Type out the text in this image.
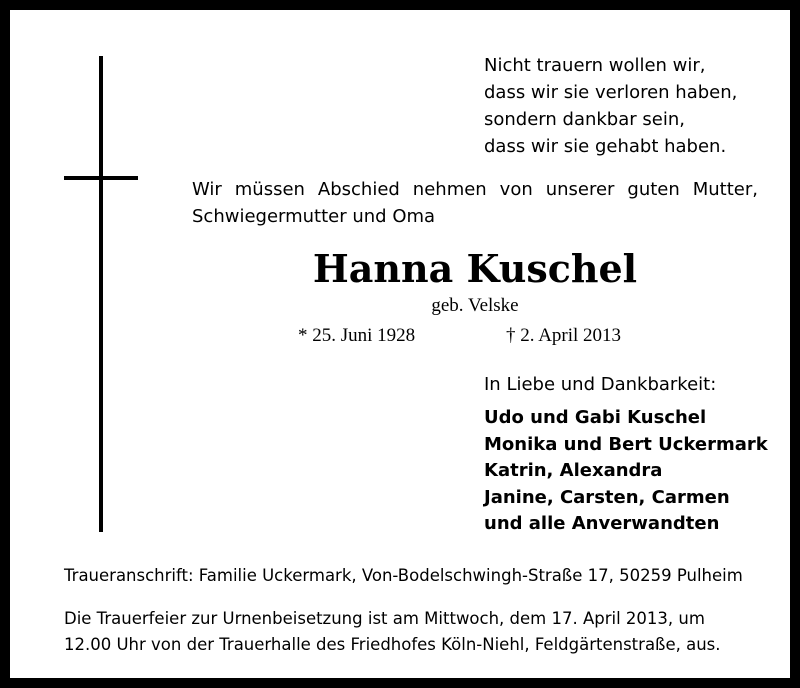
Nicht trauern wollen wir,
dass wir sie verloren haben,
sondern dankbar sein,
dass wir sie gehabt haben.
Wir müssen Abschied nehmen von unserer guten Mutter,
Schwiegermutter und Oma
Hanna Kuschel
geb. Velske
* 25. Juni 1928	† 2. April 2013
In Liebe und Dankbarkeit:
Udo und Gabi Kuschel
Monika und Bert Uckermark
Katrin, Alexandra
Janine, Carsten, Carmen
und alle Anverwandten
Traueranschrift: Familie Uckermark, Von-Bodelschwingh-Straße 17, 50259 Pulheim
Die Trauerfeier zur Urnenbeisetzung ist am Mittwoch, dem 17. April 2013, um
12.00 Uhr von der Trauerhalle des Friedhofes Köln-Niehl, Feldgärtenstraße, aus.
